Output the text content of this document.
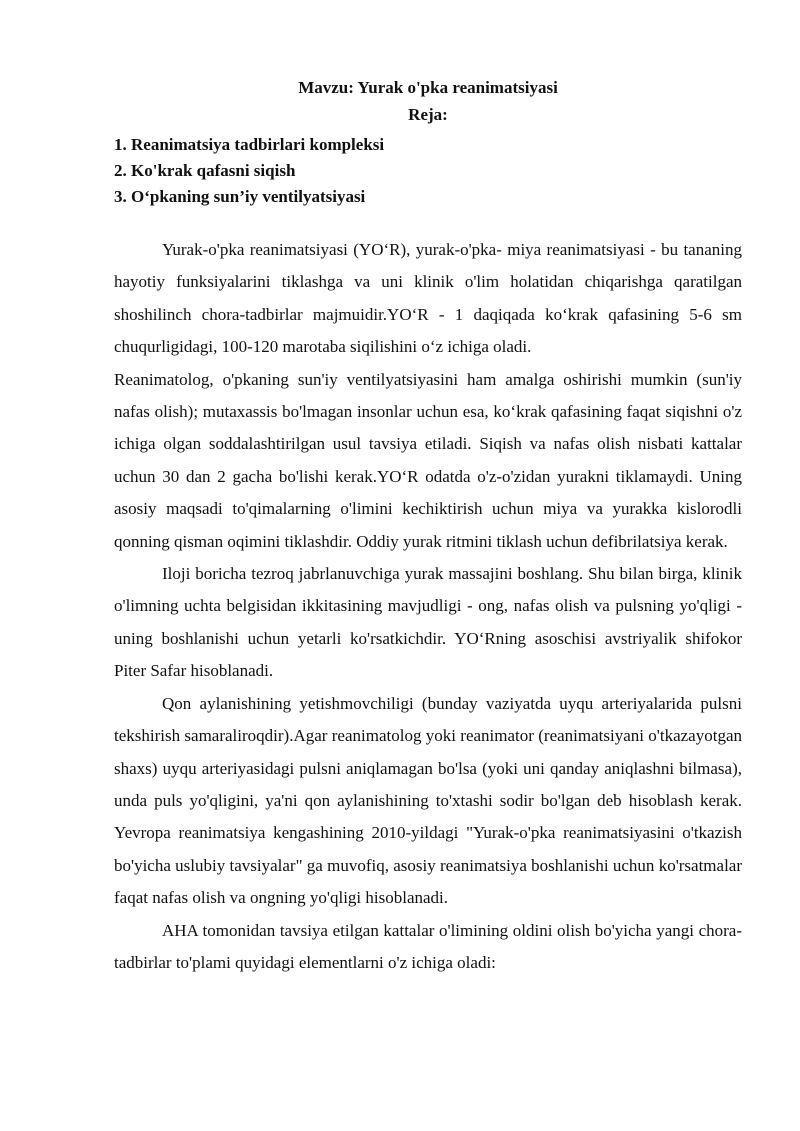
Mavzu: Yurak o'pka reanimatsiyasi

Reja:

1. Reanimatsiya tadbirlari kompleksi

2. Ko'krak qafasni siqish

3. O‘pkaning sun’iy ventilyatsiyasi

Yurak-o'pka reanimatsiyasi (YO‘R), yurak-o'pka- miya reanimatsiyasi - bu tananing hayotiy funksiyalarini tiklashga va uni klinik o'lim holatidan chiqarishga qaratilgan shoshilinch chora-tadbirlar majmuidir.YO‘R - 1 daqiqada ko‘krak qafasining 5-6 sm chuqurligidagi, 100-120 marotaba siqilishini o‘z ichiga oladi.

Reanimatolog, o'pkaning sun'iy ventilyatsiyasini ham amalga oshirishi mumkin (sun'iy nafas olish); mutaxassis bo'lmagan insonlar uchun esa, ko‘krak qafasining faqat siqishni o'z ichiga olgan soddalashtirilgan usul tavsiya etiladi. Siqish va nafas olish nisbati kattalar uchun 30 dan 2 gacha bo'lishi kerak.YO‘R odatda o'z-o'zidan yurakni tiklamaydi. Uning asosiy maqsadi to'qimalarning o'limini kechiktirish uchun miya va yurakka kislorodli qonning qisman oqimini tiklashdir. Oddiy yurak ritmini tiklash uchun defibrilatsiya kerak.

Iloji boricha tezroq jabrlanuvchiga yurak massajini boshlang. Shu bilan birga, klinik o'limning uchta belgisidan ikkitasining mavjudligi - ong, nafas olish va pulsning yo'qligi - uning boshlanishi uchun yetarli ko'rsatkichdir. YO‘Rning asoschisi avstriyalik shifokor Piter Safar hisoblanadi.

Qon aylanishining yetishmovchiligi (bunday vaziyatda uyqu arteriyalarida pulsni tekshirish samaraliroqdir).Agar reanimatolog yoki reanimator (reanimatsiyani o'tkazayotgan shaxs) uyqu arteriyasidagi pulsni aniqlamagan bo'lsa (yoki uni qanday aniqlashni bilmasa), unda puls yo'qligini, ya'ni qon aylanishining to'xtashi sodir bo'lgan deb hisoblash kerak. Yevropa reanimatsiya kengashining 2010-yildagi "Yurak-o'pka reanimatsiyasini o'tkazish bo'yicha uslubiy tavsiyalar" ga muvofiq, asosiy reanimatsiya boshlanishi uchun ko'rsatmalar faqat nafas olish va ongning yo'qligi hisoblanadi.

AHA tomonidan tavsiya etilgan kattalar o'limining oldini olish bo'yicha yangi chora-tadbirlar to'plami quyidagi elementlarni o'z ichiga oladi:
